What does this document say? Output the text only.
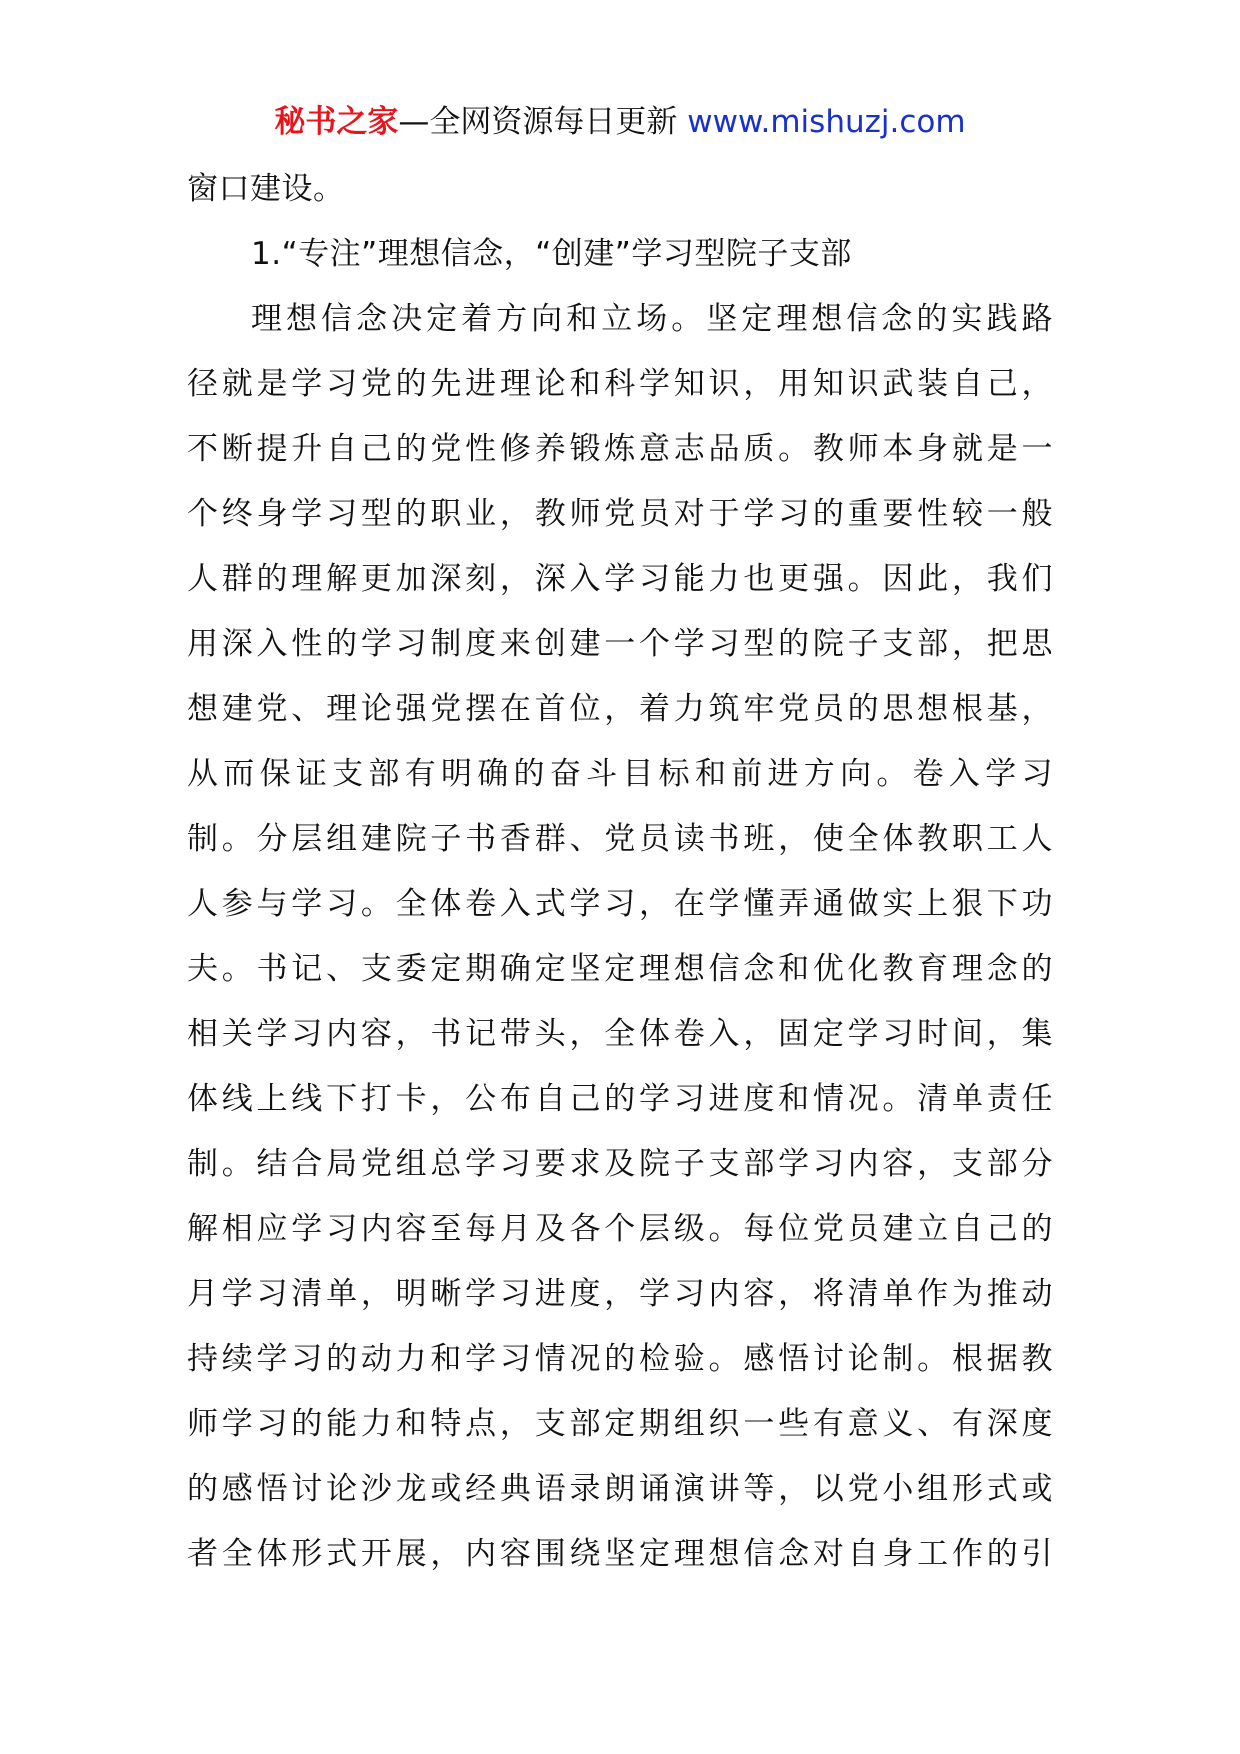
秘书之家—全网资源每日更新 www.mishuzj.com
窗口建设。
1.“专注”理想信念，“创建”学习型院子支部
理想信念决定着方向和立场。坚定理想信念的实践路
径就是学习党的先进理论和科学知识，用知识武装自己，
不断提升自己的党性修养锻炼意志品质。教师本身就是一
个终身学习型的职业，教师党员对于学习的重要性较一般
人群的理解更加深刻，深入学习能力也更强。因此，我们
用深入性的学习制度来创建一个学习型的院子支部，把思
想建党、理论强党摆在首位，着力筑牢党员的思想根基，
从而保证支部有明确的奋斗目标和前进方向。卷入学习
制。分层组建院子书香群、党员读书班，使全体教职工人
人参与学习。全体卷入式学习，在学懂弄通做实上狠下功
夫。书记、支委定期确定坚定理想信念和优化教育理念的
相关学习内容，书记带头，全体卷入，固定学习时间，集
体线上线下打卡，公布自己的学习进度和情况。清单责任
制。结合局党组总学习要求及院子支部学习内容，支部分
解相应学习内容至每月及各个层级。每位党员建立自己的
月学习清单，明晰学习进度，学习内容，将清单作为推动
持续学习的动力和学习情况的检验。感悟讨论制。根据教
师学习的能力和特点，支部定期组织一些有意义、有深度
的感悟讨论沙龙或经典语录朗诵演讲等，以党小组形式或
者全体形式开展，内容围绕坚定理想信念对自身工作的引
